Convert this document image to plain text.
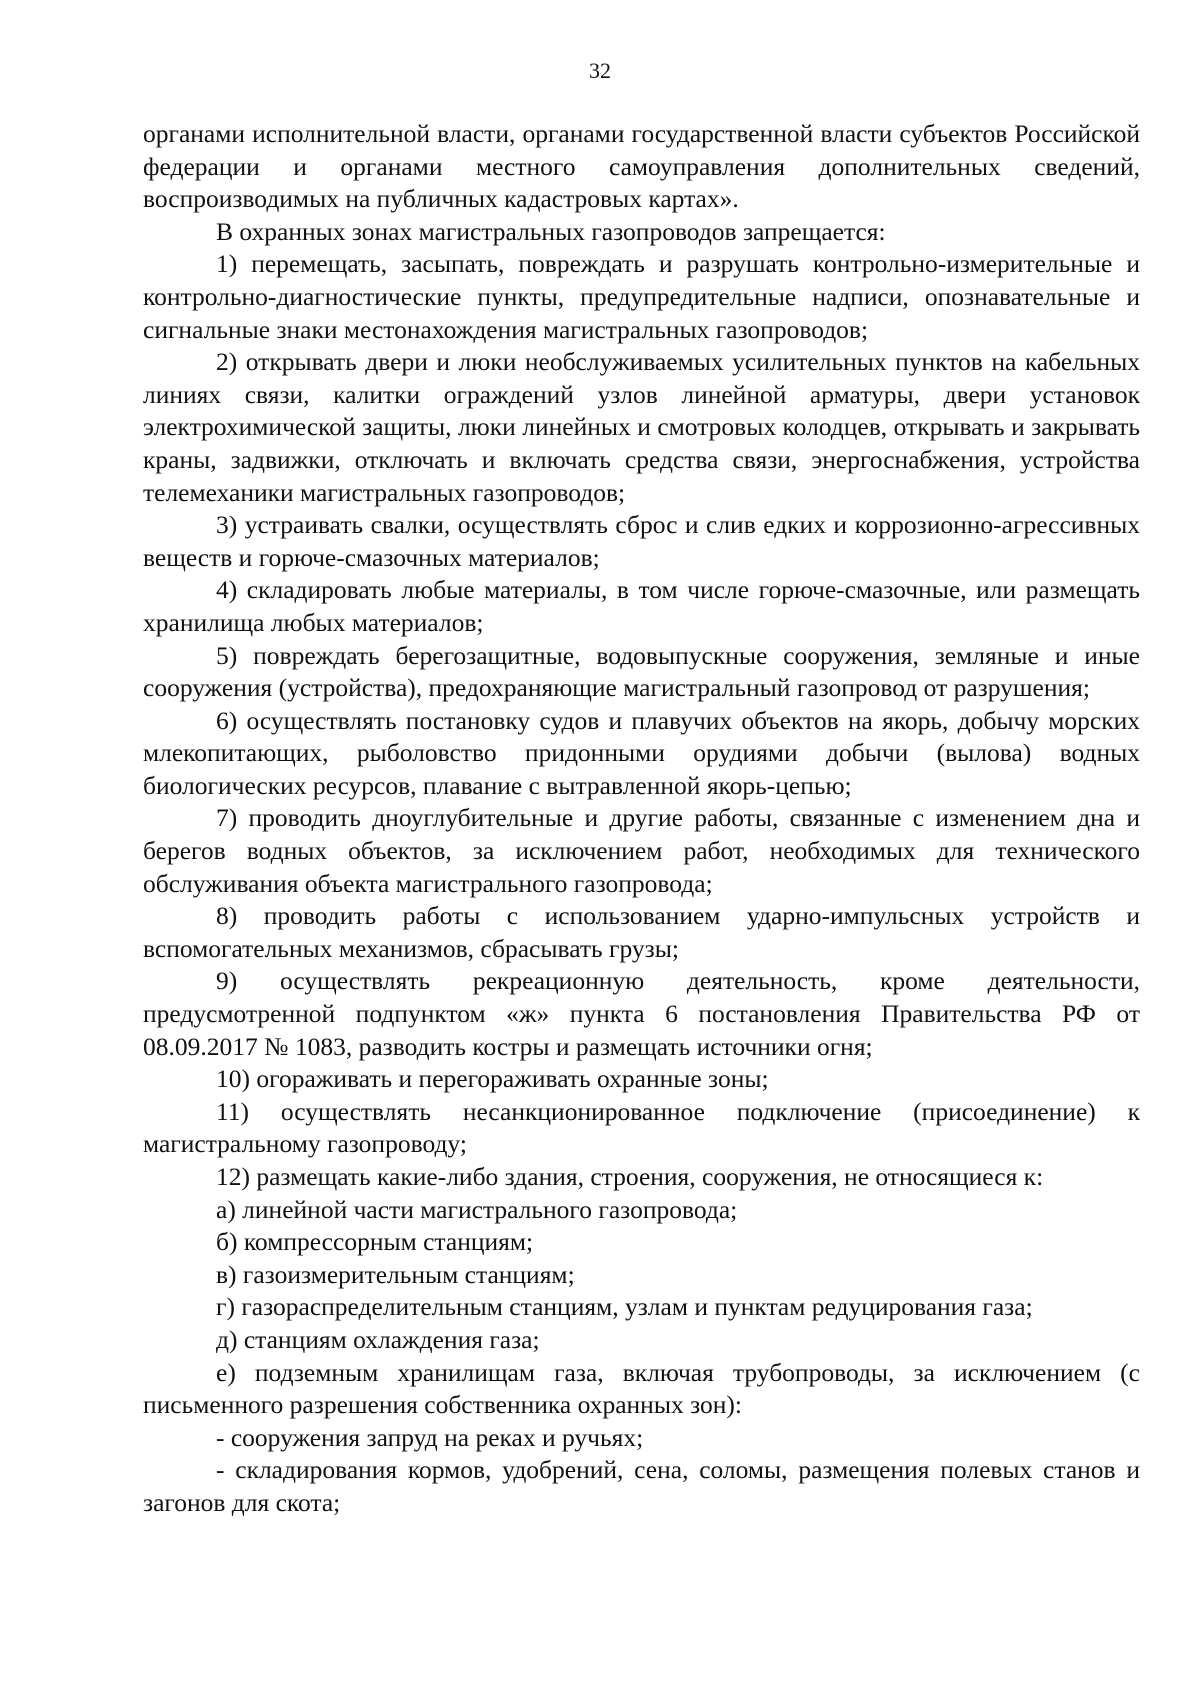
32

органами исполнительной власти, органами государственной власти субъектов Российской федерации и органами местного самоуправления дополнительных сведений, воспроизводимых на публичных кадастровых картах».

В охранных зонах магистральных газопроводов запрещается:

1) перемещать, засыпать, повреждать и разрушать контрольно-измерительные и контрольно-диагностические пункты, предупредительные надписи, опознавательные и сигнальные знаки местонахождения магистральных газопроводов;

2) открывать двери и люки необслуживаемых усилительных пунктов на кабельных линиях связи, калитки ограждений узлов линейной арматуры, двери установок электрохимической защиты, люки линейных и смотровых колодцев, открывать и закрывать краны, задвижки, отключать и включать средства связи, энергоснабжения, устройства телемеханики магистральных газопроводов;

3) устраивать свалки, осуществлять сброс и слив едких и коррозионно-агрессивных веществ и горюче-смазочных материалов;

4) складировать любые материалы, в том числе горюче-смазочные, или размещать хранилища любых материалов;

5) повреждать берегозащитные, водовыпускные сооружения, земляные и иные сооружения (устройства), предохраняющие магистральный газопровод от разрушения;

6) осуществлять постановку судов и плавучих объектов на якорь, добычу морских млекопитающих, рыболовство придонными орудиями добычи (вылова) водных биологических ресурсов, плавание с вытравленной якорь-цепью;

7) проводить дноуглубительные и другие работы, связанные с изменением дна и берегов водных объектов, за исключением работ, необходимых для технического обслуживания объекта магистрального газопровода;

8) проводить работы с использованием ударно-импульсных устройств и вспомогательных механизмов, сбрасывать грузы;

9) осуществлять рекреационную деятельность, кроме деятельности, предусмотренной подпунктом «ж» пункта 6 постановления Правительства РФ от 08.09.2017 № 1083, разводить костры и размещать источники огня;

10) огораживать и перегораживать охранные зоны;

11) осуществлять несанкционированное подключение (присоединение) к магистральному газопроводу;

12) размещать какие-либо здания, строения, сооружения, не относящиеся к:

а) линейной части магистрального газопровода;

б) компрессорным станциям;

в) газоизмерительным станциям;

г) газораспределительным станциям, узлам и пунктам редуцирования газа;

д) станциям охлаждения газа;

е) подземным хранилищам газа, включая трубопроводы, за исключением (с письменного разрешения собственника охранных зон):

- сооружения запруд на реках и ручьях;

- складирования кормов, удобрений, сена, соломы, размещения полевых станов и загонов для скота;
